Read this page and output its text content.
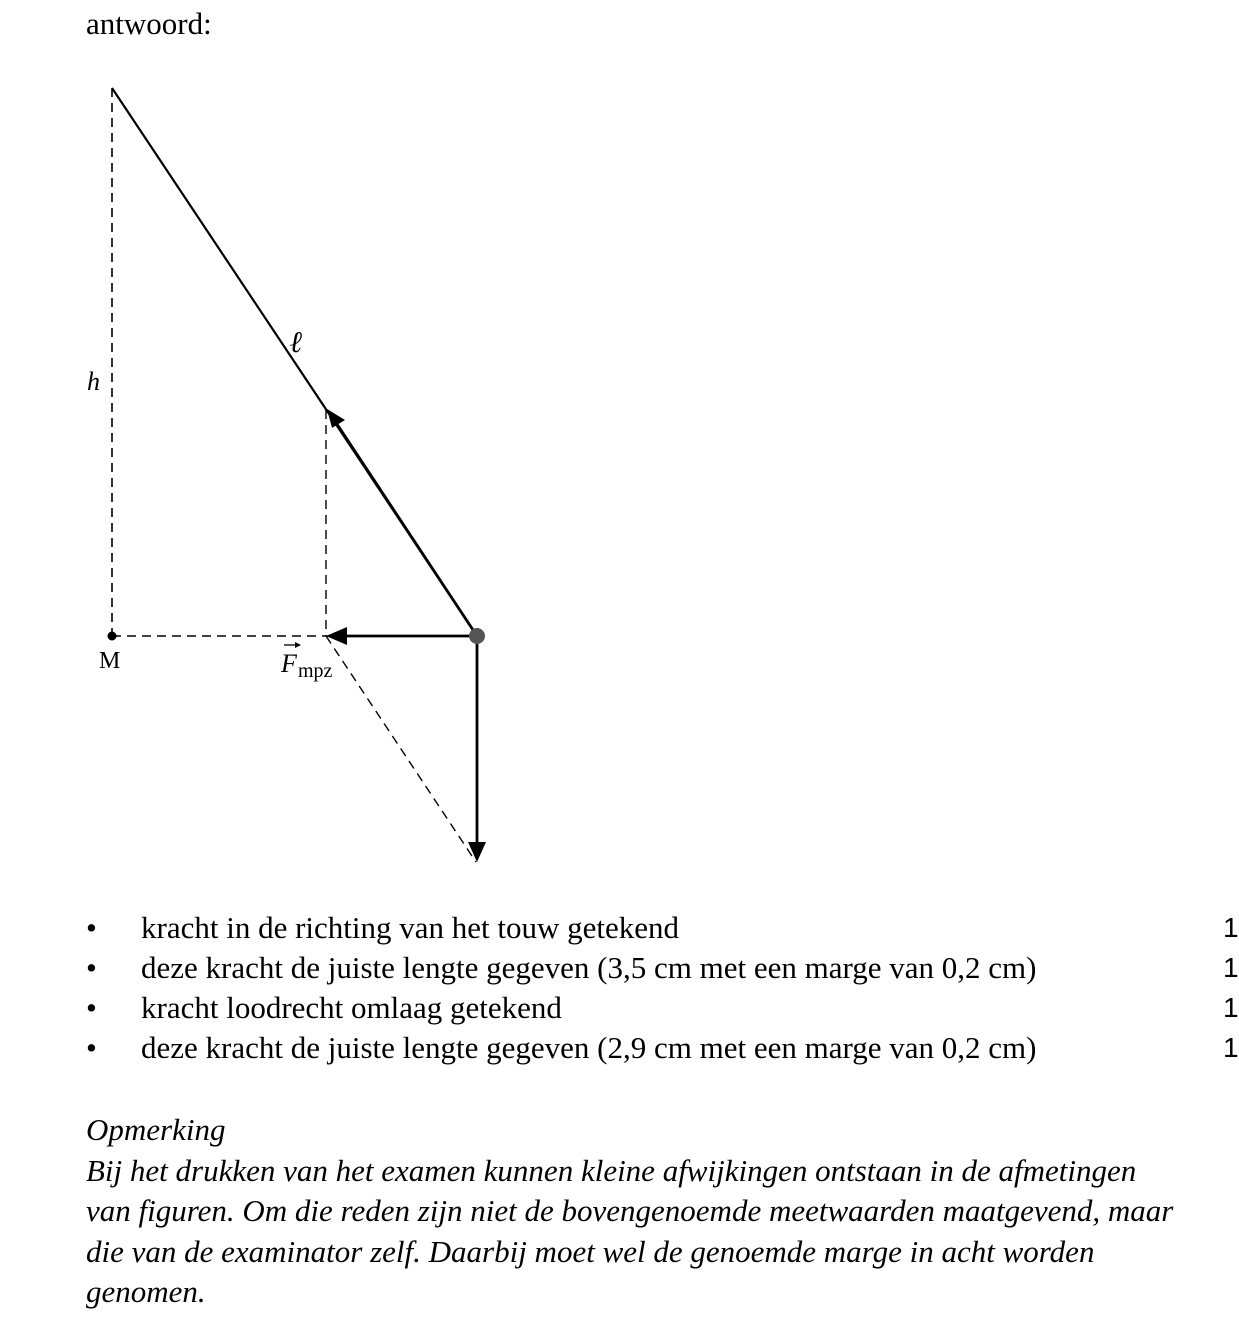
antwoord:
h
ℓ
M	F mpz
• kracht in de richting van het touw getekend	1
• deze kracht de juiste lengte gegeven (3,5 cm met een marge van 0,2 cm)	1
• kracht loodrecht omlaag getekend	1
• deze kracht de juiste lengte gegeven (2,9 cm met een marge van 0,2 cm)	1

Opmerking

Bij het drukken van het examen kunnen kleine afwijkingen ontstaan in de afmetingen van figuren. Om die reden zijn niet de bovengenoemde meetwaarden maatgevend, maar die van de examinator zelf. Daarbij moet wel de genoemde marge in acht worden genomen.
